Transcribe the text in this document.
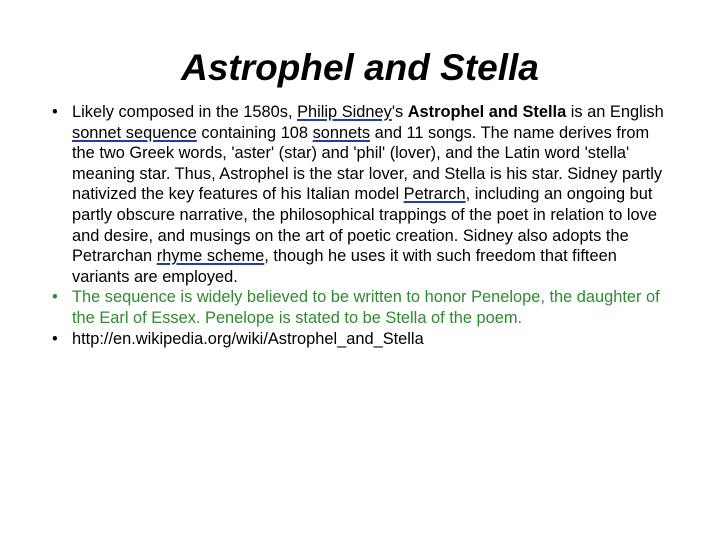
Astrophel and Stella
• Likely composed in the 1580s, Philip Sidney's Astrophel and Stella is an English sonnet sequence containing 108 sonnets and 11 songs. The name derives from the two Greek words, 'aster' (star) and 'phil' (lover), and the Latin word 'stella' meaning star. Thus, Astrophel is the star lover, and Stella is his star. Sidney partly nativized the key features of his Italian model Petrarch, including an ongoing but partly obscure narrative, the philosophical trappings of the poet in relation to love and desire, and musings on the art of poetic creation. Sidney also adopts the Petrarchan rhyme scheme, though he uses it with such freedom that fifteen variants are employed.
• The sequence is widely believed to be written to honor Penelope, the daughter of the Earl of Essex. Penelope is stated to be Stella of the poem.
• http://en.wikipedia.org/wiki/Astrophel_and_Stella
